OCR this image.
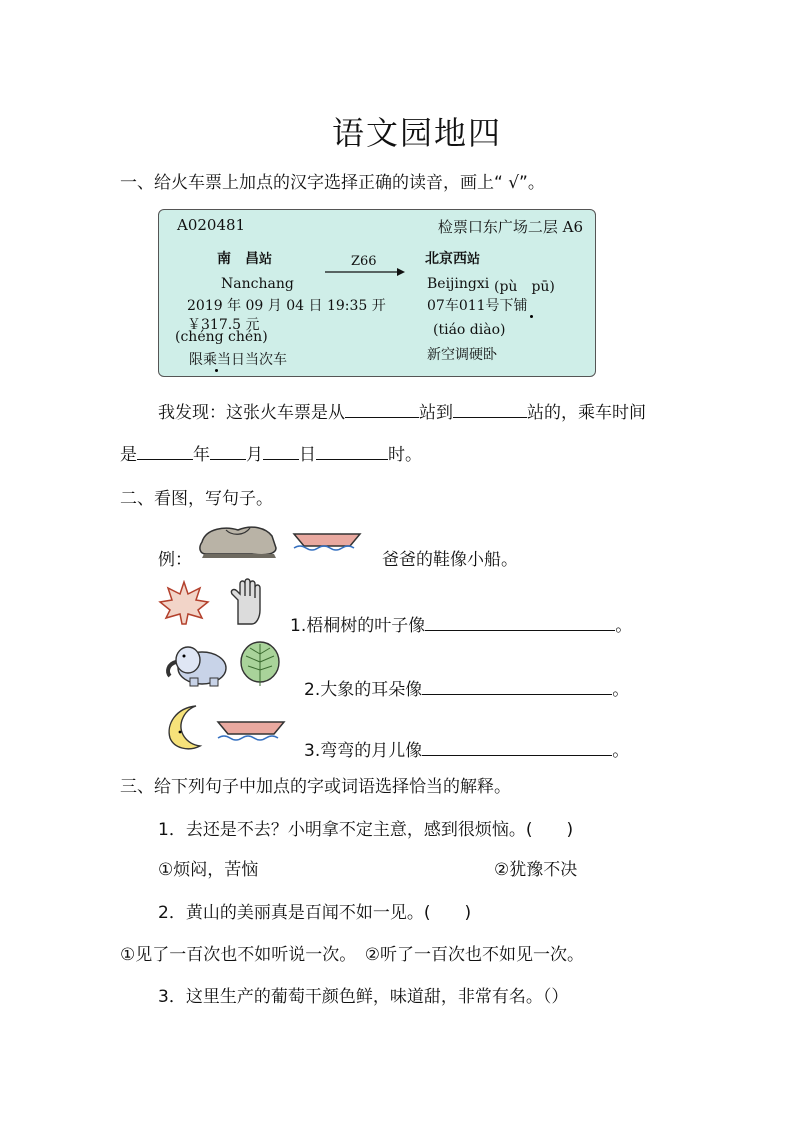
语文园地四
一、给火车票上加点的汉字选择正确的读音，画上“ √”。
A020481	检票口东广场二层 A6
南　昌站
Nanchang
Z66	北京西站
Beijingxi (pù　pū)
2019 年 09 月 04 日 19:35 开	07车011号下铺
￥317.5 元
(chéng chén)	(tiáo diào)
限乘当日当次车	新空调硬卧
我发现：这张火车票是从	站到	站的，乘车时间
是	年 月 日	时。
二、看图，写句子。
例：	爸爸的鞋像小船。
1.梧桐树的叶子像	。
2.大象的耳朵像	。
3.弯弯的月儿像	。
三、给下列句子中加点的字或词语选择恰当的解释。
1．去还是不去？小明拿不定主意，感到很烦恼。(　　)
①烦闷，苦恼	②犹豫不决
2．黄山的美丽真是百闻不如一见。(　　)
①见了一百次也不如听说一次。　②听了一百次也不如见一次。
3．这里生产的葡萄干颜色鲜，味道甜，非常有名。（）
